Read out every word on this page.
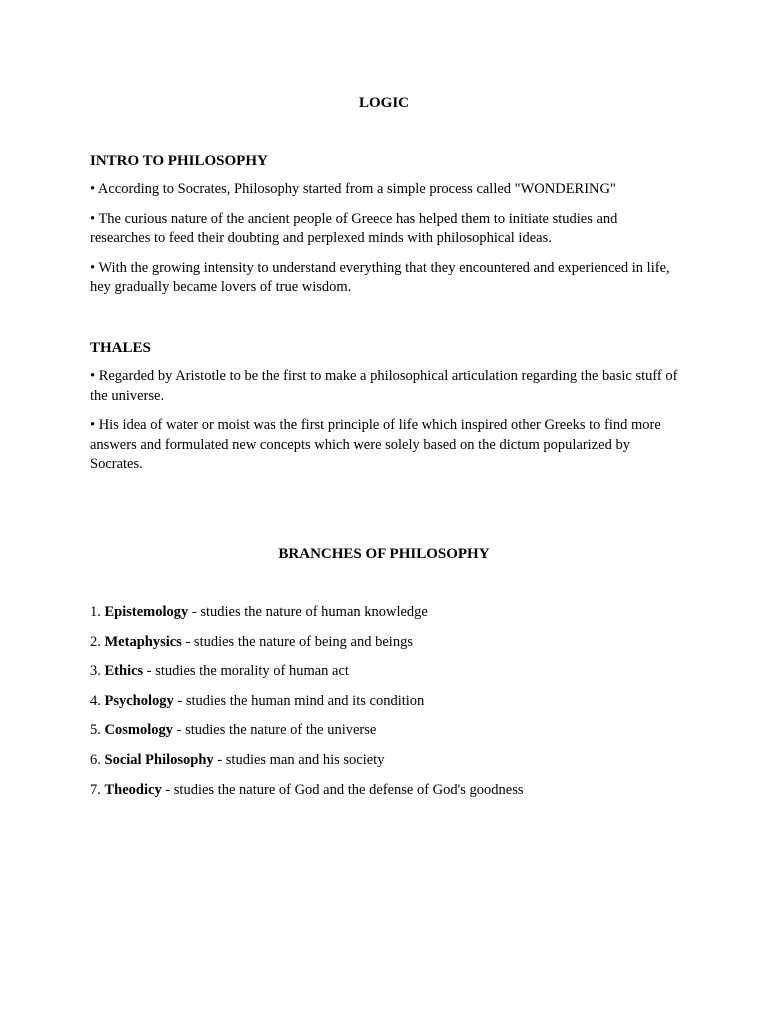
LOGIC
INTRO TO PHILOSOPHY

• According to Socrates, Philosophy started from a simple process called "WONDERING"

• The curious nature of the ancient people of Greece has helped them to initiate studies and researches to feed their doubting and perplexed minds with philosophical ideas.

• With the growing intensity to understand everything that they encountered and experienced in life, hey gradually became lovers of true wisdom.

THALES

• Regarded by Aristotle to be the first to make a philosophical articulation regarding the basic stuff of the universe.

• His idea of water or moist was the first principle of life which inspired other Greeks to find more answers and formulated new concepts which were solely based on the dictum popularized by Socrates.

BRANCHES OF PHILOSOPHY
1. Epistemology - studies the nature of human knowledge
2. Metaphysics - studies the nature of being and beings
3. Ethics - studies the morality of human act
4. Psychology - studies the human mind and its condition
5. Cosmology - studies the nature of the universe
6. Social Philosophy - studies man and his society
7. Theodicy - studies the nature of God and the defense of God's goodness
